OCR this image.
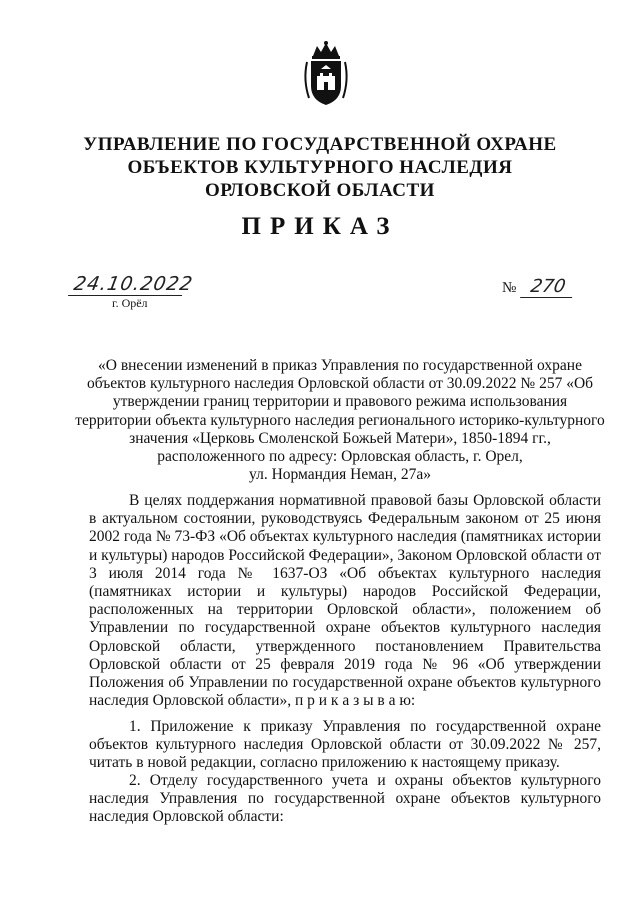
УПРАВЛЕНИЕ ПО ГОСУДАРСТВЕННОЙ ОХРАНЕ
ОБЪЕКТОВ КУЛЬТУРНОГО НАСЛЕДИЯ
ОРЛОВСКОЙ ОБЛАСТИ
ПРИКАЗ
24.10.2022
г. Орёл
№ 270
«О внесении изменений в приказ Управления по государственной охране
объектов культурного наследия Орловской области от 30.09.2022 № 257 «Об
утверждении границ территории и правового режима использования
территории объекта культурного наследия регионального историко-культурного
значения «Церковь Смоленской Божьей Матери», 1850-1894 гг.,
расположенного по адресу: Орловская область, г. Орел,
ул. Нормандия Неман, 27а»
В целях поддержания нормативной правовой базы Орловской области в актуальном состоянии, руководствуясь Федеральным законом от 25 июня 2002 года № 73-ФЗ «Об объектах культурного наследия (памятниках истории и культуры) народов Российской Федерации», Законом Орловской области от 3 июля 2014 года № 1637-ОЗ «Об объектах культурного наследия (памятниках истории и культуры) народов Российской Федерации, расположенных на территории Орловской области», положением об Управлении по государственной охране объектов культурного наследия Орловской области, утвержденного постановлением Правительства Орловской области от 25 февраля 2019 года № 96 «Об утверждении Положения об Управлении по государственной охране объектов культурного наследия Орловской области», п р и к а з ы в а ю:
1. Приложение к приказу Управления по государственной охране объектов культурного наследия Орловской области от 30.09.2022 № 257, читать в новой редакции, согласно приложению к настоящему приказу.
2. Отделу государственного учета и охраны объектов культурного наследия Управления по государственной охране объектов культурного наследия Орловской области:
